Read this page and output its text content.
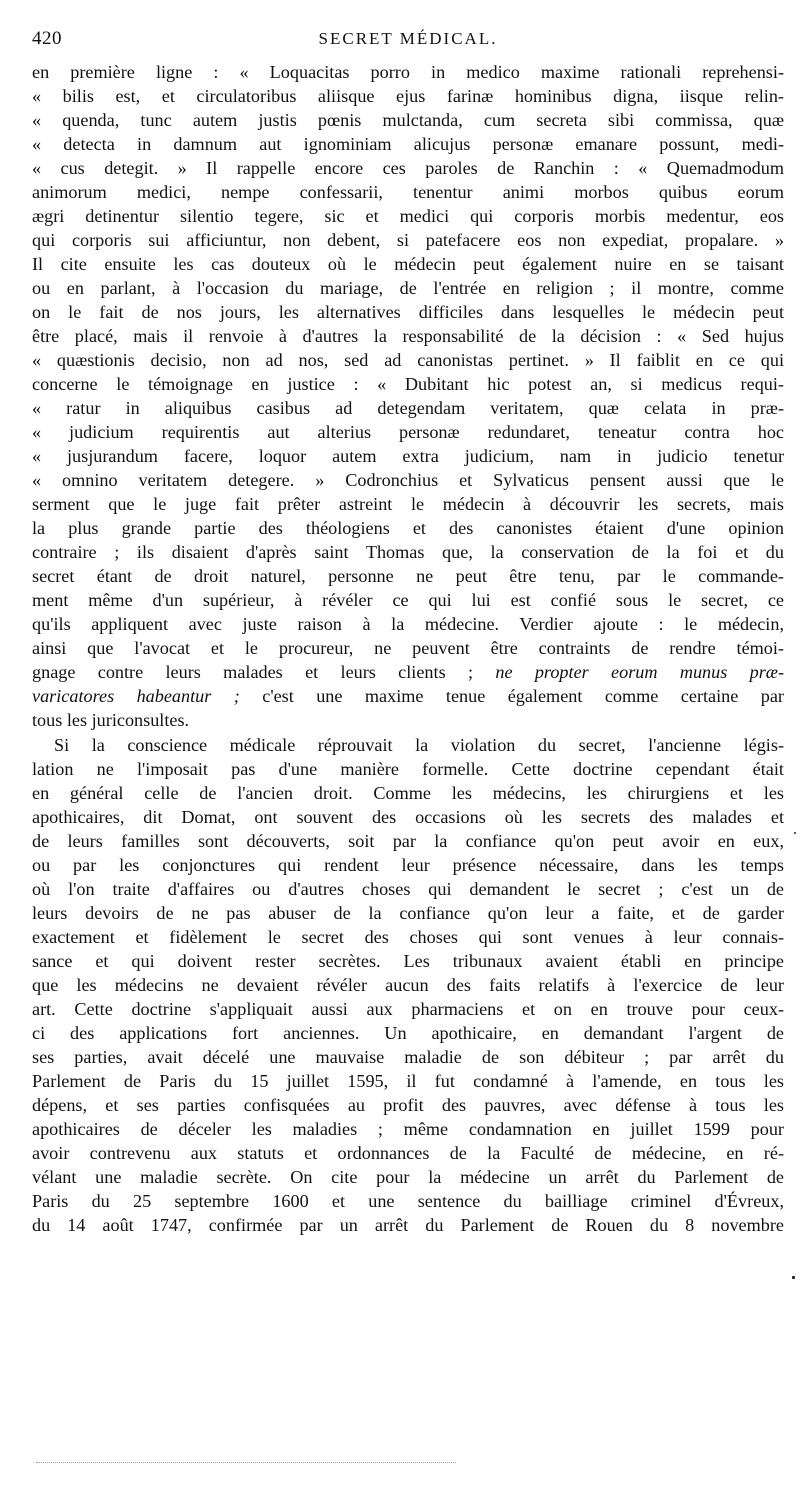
420	SECRET MÉDICAL.
en première ligne : « Loquacitas porro in medico maxime rationali reprehensi-
« bilis est, et circulatoribus aliisque ejus farinæ hominibus digna, iisque relin-
« quenda, tunc autem justis pœnis mulctanda, cum secreta sibi commissa, quæ
« detecta in damnum aut ignominiam alicujus personæ emanare possunt, medi-
« cus detegit. » Il rappelle encore ces paroles de Ranchin : « Quemadmodum
animorum medici, nempe confessarii, tenentur animi morbos quibus eorum
ægri detinentur silentio tegere, sic et medici qui corporis morbis medentur, eos
qui corporis sui afficiuntur, non debent, si patefacere eos non expediat, propalare. »
Il cite ensuite les cas douteux où le médecin peut également nuire en se taisant
ou en parlant, à l'occasion du mariage, de l'entrée en religion ; il montre, comme
on le fait de nos jours, les alternatives difficiles dans lesquelles le médecin peut
être placé, mais il renvoie à d'autres la responsabilité de la décision : « Sed hujus
« quæstionis decisio, non ad nos, sed ad canonistas pertinet. » Il faiblit en ce qui
concerne le témoignage en justice : « Dubitant hic potest an, si medicus requi-
« ratur in aliquibus casibus ad detegendam veritatem, quæ celata in præ-
« judicium requirentis aut alterius personæ redundaret, teneatur contra hoc
« jusjurandum facere, loquor autem extra judicium, nam in judicio tenetur
« omnino veritatem detegere. » Codronchius et Sylvaticus pensent aussi que le
serment que le juge fait prêter astreint le médecin à découvrir les secrets, mais
la plus grande partie des théologiens et des canonistes étaient d'une opinion
contraire ; ils disaient d'après saint Thomas que, la conservation de la foi et du
secret étant de droit naturel, personne ne peut être tenu, par le commande-
ment même d'un supérieur, à révéler ce qui lui est confié sous le secret, ce
qu'ils appliquent avec juste raison à la médecine. Verdier ajoute : le médecin,
ainsi que l'avocat et le procureur, ne peuvent être contraints de rendre témoi-
gnage contre leurs malades et leurs clients ; ne propter eorum munus præ-
varicatores habeantur ; c'est une maxime tenue également comme certaine par
tous les juriconsultes.
Si la conscience médicale réprouvait la violation du secret, l'ancienne légis-
lation ne l'imposait pas d'une manière formelle. Cette doctrine cependant était
en général celle de l'ancien droit. Comme les médecins, les chirurgiens et les
apothicaires, dit Domat, ont souvent des occasions où les secrets des malades et
de leurs familles sont découverts, soit par la confiance qu'on peut avoir en eux,
ou par les conjonctures qui rendent leur présence nécessaire, dans les temps
où l'on traite d'affaires ou d'autres choses qui demandent le secret ; c'est un de
leurs devoirs de ne pas abuser de la confiance qu'on leur a faite, et de garder
exactement et fidèlement le secret des choses qui sont venues à leur connais-
sance et qui doivent rester secrètes. Les tribunaux avaient établi en principe
que les médecins ne devaient révéler aucun des faits relatifs à l'exercice de leur
art. Cette doctrine s'appliquait aussi aux pharmaciens et on en trouve pour ceux-
ci des applications fort anciennes. Un apothicaire, en demandant l'argent de
ses parties, avait décelé une mauvaise maladie de son débiteur ; par arrêt du
Parlement de Paris du 15 juillet 1595, il fut condamné à l'amende, en tous les
dépens, et ses parties confisquées au profit des pauvres, avec défense à tous les
apothicaires de déceler les maladies ; même condamnation en juillet 1599 pour
avoir contrevenu aux statuts et ordonnances de la Faculté de médecine, en ré-
vélant une maladie secrète. On cite pour la médecine un arrêt du Parlement de
Paris du 25 septembre 1600 et une sentence du bailliage criminel d'Évreux,
du 14 août 1747, confirmée par un arrêt du Parlement de Rouen du 8 novembre
